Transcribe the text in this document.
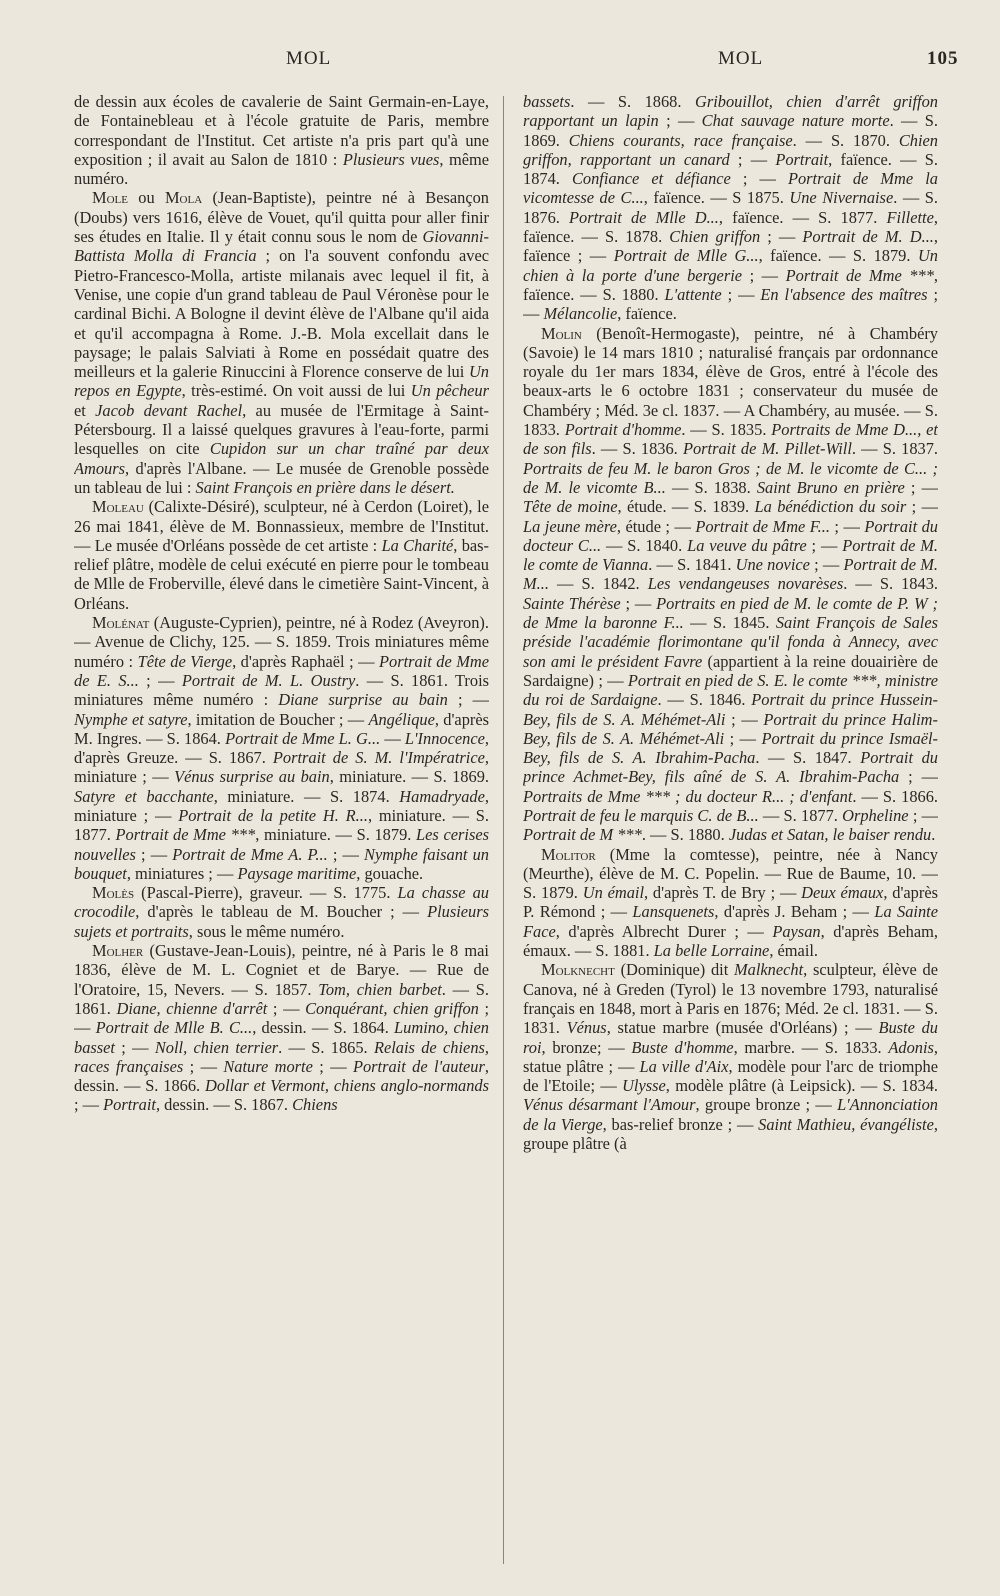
MOL	MOL	105

de dessin aux écoles de cavalerie de Saint Germain-en-Laye, de Fontainebleau et à l'école gratuite de Paris, membre correspondant de l'Institut. Cet artiste n'a pris part qu'à une exposition ; il avait au Salon de 1810 : Plusieurs vues, même numéro.

Mole ou Mola (Jean-Baptiste), peintre né à Besançon (Doubs) vers 1616, élève de Vouet, qu'il quitta pour aller finir ses études en Italie. Il y était connu sous le nom de Giovanni-Battista Molla di Francia ; on l'a souvent confondu avec Pietro-Francesco-Molla, artiste milanais avec lequel il fit, à Venise, une copie d'un grand tableau de Paul Véronèse pour le cardinal Bichi. A Bologne il devint élève de l'Albane qu'il aida et qu'il accompagna à Rome. J.-B. Mola excellait dans le paysage; le palais Salviati à Rome en possédait quatre des meilleurs et la galerie Rinuccini à Florence conserve de lui Un repos en Egypte, très-estimé. On voit aussi de lui Un pêcheur et Jacob devant Rachel, au musée de l'Ermitage à Saint-Pétersbourg. Il a laissé quelques gravures à l'eau-forte, parmi lesquelles on cite Cupidon sur un char traîné par deux Amours, d'après l'Albane. — Le musée de Grenoble possède un tableau de lui : Saint François en prière dans le désert.

Moleau (Calixte-Désiré), sculpteur, né à Cerdon (Loiret), le 26 mai 1841, élève de M. Bonnassieux, membre de l'Institut. — Le musée d'Orléans possède de cet artiste : La Charité, bas-relief plâtre, modèle de celui exécuté en pierre pour le tombeau de Mlle de Froberville, élevé dans le cimetière Saint-Vincent, à Orléans.

Molénat (Auguste-Cyprien), peintre, né à Rodez (Aveyron). — Avenue de Clichy, 125. — S. 1859. Trois miniatures même numéro : Tête de Vierge, d'après Raphaël ; — Portrait de Mme de E. S... ; — Portrait de M. L. Oustry. — S. 1861. Trois miniatures même numéro : Diane surprise au bain ; — Nymphe et satyre, imitation de Boucher ; — Angélique, d'après M. Ingres. — S. 1864. Portrait de Mme L. G... — L'Innocence, d'après Greuze. — S. 1867. Portrait de S. M. l'Impératrice, miniature ; — Vénus surprise au bain, miniature. — S. 1869. Satyre et bacchante, miniature. — S. 1874. Hamadryade, miniature ; — Portrait de la petite H. R..., miniature. — S. 1877. Portrait de Mme ***, miniature. — S. 1879. Les cerises nouvelles ; — Portrait de Mme A. P... ; — Nymphe faisant un bouquet, miniatures ; — Paysage maritime, gouache.

Molès (Pascal-Pierre), graveur. — S. 1775. La chasse au crocodile, d'après le tableau de M. Boucher ; — Plusieurs sujets et portraits, sous le même numéro.

Molher (Gustave-Jean-Louis), peintre, né à Paris le 8 mai 1836, élève de M. L. Cogniet et de Barye. — Rue de l'Oratoire, 15, Nevers. — S. 1857. Tom, chien barbet. — S. 1861. Diane, chienne d'arrêt ; — Conquérant, chien griffon ; — Portrait de Mlle B. C..., dessin. — S. 1864. Lumino, chien basset ; — Noll, chien terrier. — S. 1865. Relais de chiens, races françaises ; — Nature morte ; — Portrait de l'auteur, dessin. — S. 1866. Dollar et Vermont, chiens anglo-normands ; — Portrait, dessin. — S. 1867. Chiens

bassets. — S. 1868. Gribouillot, chien d'arrêt griffon rapportant un lapin ; — Chat sauvage nature morte. — S. 1869. Chiens courants, race française. — S. 1870. Chien griffon, rapportant un canard ; — Portrait, faïence. — S. 1874. Confiance et défiance ; — Portrait de Mme la vicomtesse de C..., faïence. — S 1875. Une Nivernaise. — S. 1876. Portrait de Mlle D..., faïence. — S. 1877. Fillette, faïence. — S. 1878. Chien griffon ; — Portrait de M. D..., faïence ; — Portrait de Mlle G..., faïence. — S. 1879. Un chien à la porte d'une bergerie ; — Portrait de Mme ***, faïence. — S. 1880. L'attente ; — En l'absence des maîtres ; — Mélancolie, faïence.

Molin (Benoît-Hermogaste), peintre, né à Chambéry (Savoie) le 14 mars 1810 ; naturalisé français par ordonnance royale du 1er mars 1834, élève de Gros, entré à l'école des beaux-arts le 6 octobre 1831 ; conservateur du musée de Chambéry ; Méd. 3e cl. 1837. — A Chambéry, au musée. — S. 1833. Portrait d'homme. — S. 1835. Portraits de Mme D..., et de son fils. — S. 1836. Portrait de M. Pillet-Will. — S. 1837. Portraits de feu M. le baron Gros ; de M. le vicomte de C... ; de M. le vicomte B... — S. 1838. Saint Bruno en prière ; — Tête de moine, étude. — S. 1839. La bénédiction du soir ; — La jeune mère, étude ; — Portrait de Mme F... ; — Portrait du docteur C... — S. 1840. La veuve du pâtre ; — Portrait de M. le comte de Vianna. — S. 1841. Une novice ; — Portrait de M. M... — S. 1842. Les vendangeuses novarèses. — S. 1843. Sainte Thérèse ; — Portraits en pied de M. le comte de P. W ; de Mme la baronne F... — S. 1845. Saint François de Sales préside l'académie florimontane qu'il fonda à Annecy, avec son ami le président Favre (appartient à la reine douairière de Sardaigne) ; — Portrait en pied de S. E. le comte ***, ministre du roi de Sardaigne. — S. 1846. Portrait du prince Hussein-Bey, fils de S. A. Méhémet-Ali ; — Portrait du prince Halim-Bey, fils de S. A. Méhémet-Ali ; — Portrait du prince Ismaël-Bey, fils de S. A. Ibrahim-Pacha. — S. 1847. Portrait du prince Achmet-Bey, fils aîné de S. A. Ibrahim-Pacha ; — Portraits de Mme *** ; du docteur R... ; d'enfant. — S. 1866. Portrait de feu le marquis C. de B... — S. 1877. Orpheline ; — Portrait de M ***. — S. 1880. Judas et Satan, le baiser rendu.

Molitor (Mme la comtesse), peintre, née à Nancy (Meurthe), élève de M. C. Popelin. — Rue de Baume, 10. — S. 1879. Un émail, d'après T. de Bry ; — Deux émaux, d'après P. Rémond ; — Lansquenets, d'après J. Beham ; — La Sainte Face, d'après Albrecht Durer ; — Paysan, d'après Beham, émaux. — S. 1881. La belle Lorraine, émail.

Molknecht (Dominique) dit Malknecht, sculpteur, élève de Canova, né à Greden (Tyrol) le 13 novembre 1793, naturalisé français en 1848, mort à Paris en 1876; Méd. 2e cl. 1831. — S. 1831. Vénus, statue marbre (musée d'Orléans) ; — Buste du roi, bronze; — Buste d'homme, marbre. — S. 1833. Adonis, statue plâtre ; — La ville d'Aix, modèle pour l'arc de triomphe de l'Etoile; — Ulysse, modèle plâtre (à Leipsick). — S. 1834. Vénus désarmant l'Amour, groupe bronze ; — L'Annonciation de la Vierge, bas-relief bronze ; — Saint Mathieu, évangéliste, groupe plâtre (à
